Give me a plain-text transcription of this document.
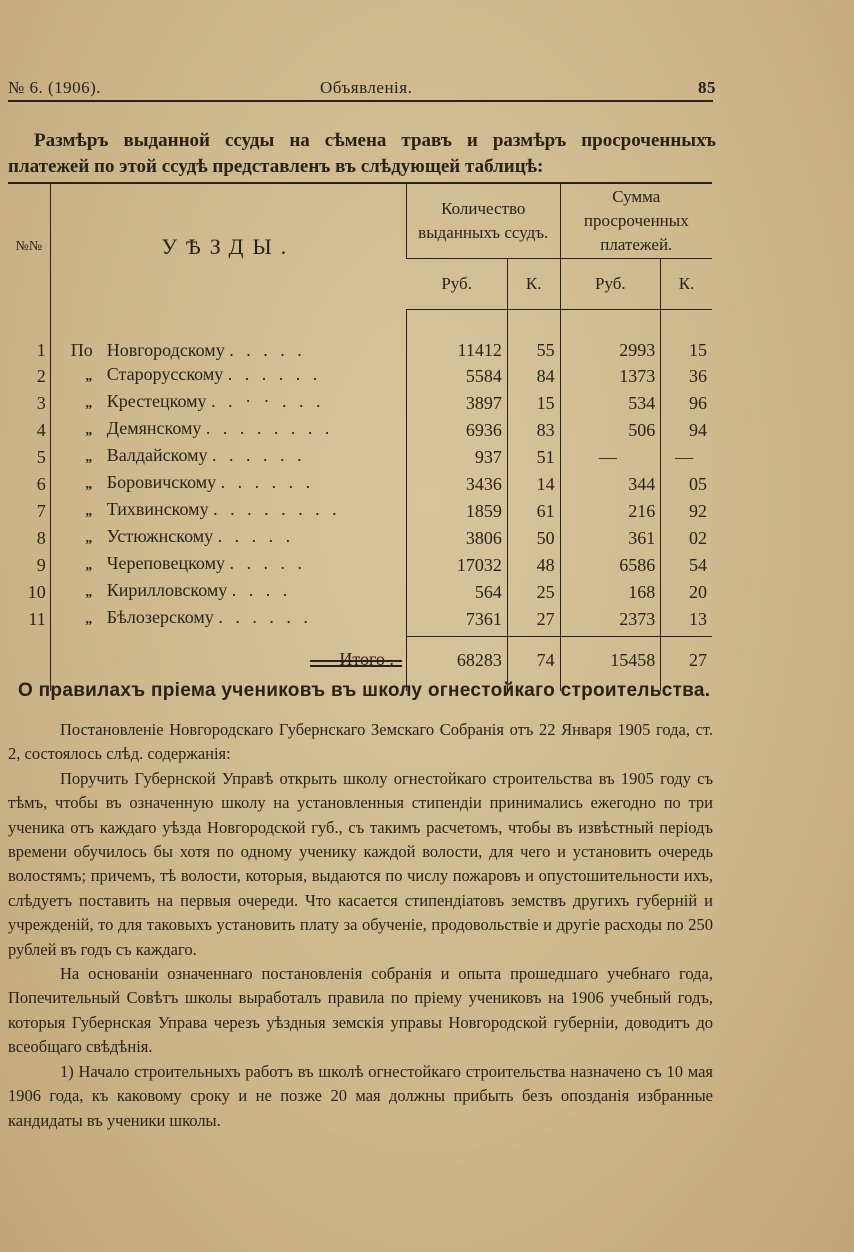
№ 6. (1906).	Объявленія.	85
Размѣръ выданной ссуды на сѣмена травъ и размѣръ просроченныхъ платежей по этой ссудѣ представленъ въ слѣдующей таблицѣ:
№№	УѢЗДЫ.	Количество выданныхъ ссудъ.		Сумма просроченных платежей.	
		Руб.	К.	Руб.	К.

1	По Новгородскому . . . . .	11412	55	2993	15
2	„ Старорусскому . . . . . .	5584	84	1373	36
3	„ Крестецкому . . · · . . .	3897	15	534	96
4	„ Демянскому . . . . . . . .	6936	83	506	94
5	„ Валдайскому . . . . . .	937	51	—	—
6	„ Боровичскому . . . . . .	3436	14	344	05
7	„ Тихвинскому . . . . . . . .	1859	61	216	92
8	„ Устюжнскому . . . . .	3806	50	361	02
9	„ Череповецкому . . . . .	17032	48	6586	54
10	„ Кирилловскому . . . .	564	25	168	20
11	„ Бѣлозерскому . . . . . .	7361	27	2373	13

	Итого .	68283	74	15458	27

О правилахъ пріема учениковъ въ школу огнестойкаго строительства.

Постановленіе Новгородскаго Губернскаго Земскаго Собранія отъ 22 Января 1905 года, ст. 2, состоялось слѣд. содержанія:

Поручить Губернской Управѣ открыть школу огнестойкаго строительства въ 1905 году съ тѣмъ, чтобы въ означенную школу на установленныя стипендіи принимались ежегодно по три ученика отъ каждаго уѣзда Новгородской губ., съ такимъ расчетомъ, чтобы въ извѣстный періодъ времени обучилось бы хотя по одному ученику каждой волости, для чего и установить очередь волостямъ; причемъ, тѣ волости, которыя, выдаются по числу пожаровъ и опустошительности ихъ, слѣдуетъ поставить на первыя очереди. Что касается стипендіатовъ земствъ другихъ губерній и учрежденій, то для таковыхъ установить плату за обученіе, продовольствіе и другіе расходы по 250 рублей въ годъ съ каждаго.

На основаніи означеннаго постановленія собранія и опыта прошедшаго учебнаго года, Попечительный Совѣтъ школы выработалъ правила по пріему учениковъ на 1906 учебный годъ, которыя Губернская Управа черезъ уѣздныя земскія управы Новгородской губерніи, доводитъ до всеобщаго свѣдѣнія.

1) Начало строительныхъ работъ въ школѣ огнестойкаго строительства назначено съ 10 мая 1906 года, къ каковому сроку и не позже 20 мая должны прибыть безъ опозданія избранные кандидаты въ ученики школы.
